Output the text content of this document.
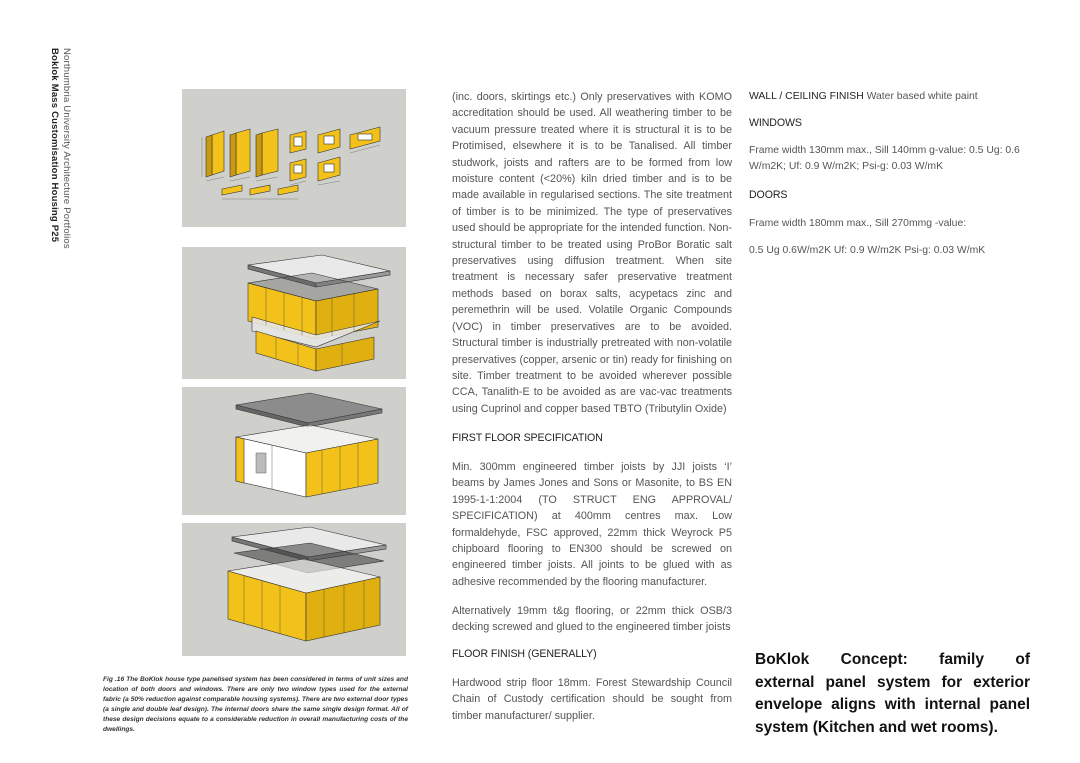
Northumbria University Architecture Portfolios
Boklok Mass Customisation Housing P25
Fig .16 The BoKlok house type panelised system has been considered in terms of unit sizes and location of both doors and windows. There are only two window types used for the external fabric (a 50% reduction against comparable housing systems). There are two external door types (a single and double leaf design). The internal doors share the same single design format. All of these design decisions equate to a considerable reduction in overall manufacturing costs of the dwellings.
(inc. doors, skirtings etc.) Only preservatives with KOMO accreditation should be used. All weathering timber to be vacuum pressure treated where it is structural it is to be Protimised, elsewhere it is to be Tanalised. All timber studwork, joists and rafters are to be formed from low moisture content (<20%) kiln dried timber and is to be made available in regularised sections. The site treatment of timber is to be minimized. The type of preservatives used should be appropriate for the intended function. Non-structural timber to be treated using ProBor Boratic salt preservatives using diffusion treatment. When site treatment is necessary safer preservative treatment methods based on borax salts, acypetacs zinc and peremethrin will be used. Volatile Organic Compounds (VOC) in timber preservatives are to be avoided. Structural timber is industrially pretreated with non-volatile preservatives (copper, arsenic or tin) ready for finishing on site. Timber treatment to be avoided wherever possible CCA, Tanalith-E to be avoided as are vac-vac treatments using Cuprinol and copper based TBTO (Tributylin Oxide)
FIRST FLOOR SPECIFICATION
Min. 300mm engineered timber joists by JJI joists ‘I’ beams by James Jones and Sons or Masonite, to BS EN 1995-1-1:2004 (TO STRUCT ENG APPROVAL/ SPECIFICATION) at 400mm centres max. Low formaldehyde, FSC approved, 22mm thick Weyrock P5 chipboard flooring to EN300 should be screwed on engineered timber joists. All joints to be glued with as adhesive recommended by the flooring manufacturer.
Alternatively 19mm t&g flooring, or 22mm thick OSB/3 decking screwed and glued to the engineered timber joists
FLOOR FINISH (GENERALLY)
Hardwood strip floor 18mm. Forest Stewardship Council Chain of Custody certification should be sought from timber manufacturer/ supplier.
WALL / CEILING FINISH Water based white paint
WINDOWS
Frame width 130mm max., Sill 140mm g-value: 0.5 Ug: 0.6 W/m2K; Uf: 0.9 W/m2K; Psi-g: 0.03 W/mK
DOORS
Frame width 180mm max., Sill 270mmg -value:
0.5 Ug 0.6W/m2K Uf: 0.9 W/m2K Psi-g: 0.03 W/mK
BoKlok Concept: family of
external panel system for exterior envelope aligns with internal panel system (Kitchen and wet rooms).
